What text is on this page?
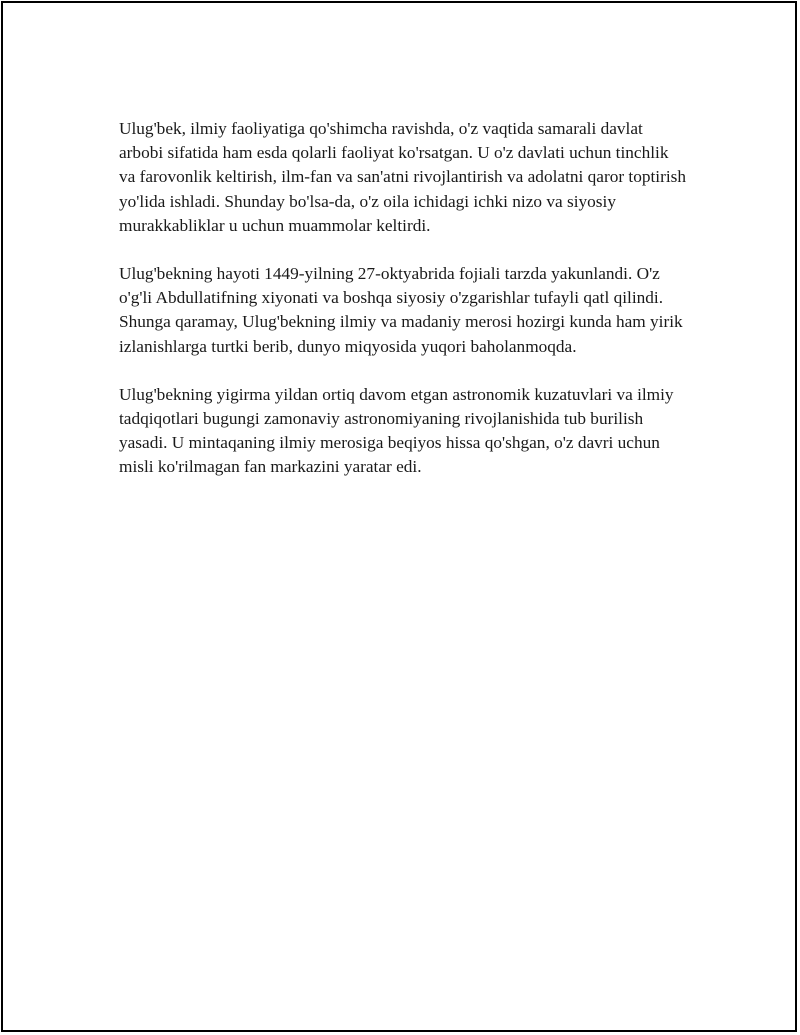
Ulug'bek, ilmiy faoliyatiga qo'shimcha ravishda, o'z vaqtida samarali davlat arbobi sifatida ham esda qolarli faoliyat ko'rsatgan. U o'z davlati uchun tinchlik va farovonlik keltirish, ilm-fan va san'atni rivojlantirish va adolatni qaror toptirish yo'lida ishladi. Shunday bo'lsa-da, o'z oila ichidagi ichki nizo va siyosiy murakkabliklar u uchun muammolar keltirdi.

Ulug'bekning hayoti 1449-yilning 27-oktyabrida fojiali tarzda yakunlandi. O'z o'g'li Abdullatifning xiyonati va boshqa siyosiy o'zgarishlar tufayli qatl qilindi. Shunga qaramay, Ulug'bekning ilmiy va madaniy merosi hozirgi kunda ham yirik izlanishlarga turtki berib, dunyo miqyosida yuqori baholanmoqda.

Ulug'bekning yigirma yildan ortiq davom etgan astronomik kuzatuvlari va ilmiy tadqiqotlari bugungi zamonaviy astronomiyaning rivojlanishida tub burilish yasadi. U mintaqaning ilmiy merosiga beqiyos hissa qo'shgan, o'z davri uchun misli ko'rilmagan fan markazini yaratar edi.
